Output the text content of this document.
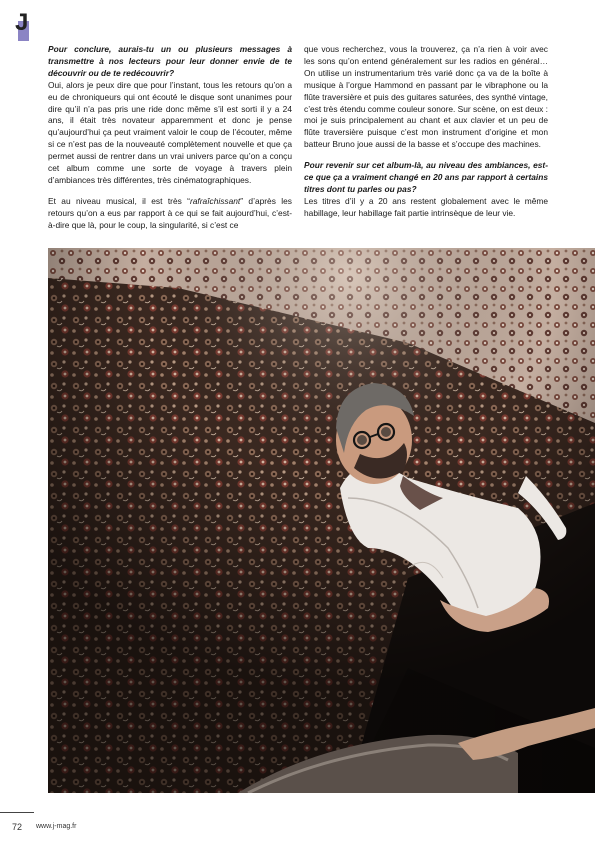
J

Pour conclure, aurais-tu un ou plusieurs messages à transmettre à nos lecteurs pour leur donner envie de te découvrir ou de te redécouvrir?
Oui, alors je peux dire que pour l’instant, tous les retours qu’on a eu de chroniqueurs qui ont écouté le disque sont unanimes pour dire qu’il n’a pas pris une ride donc même s’il est sorti il y a 24 ans, il était très novateur apparemment et donc je pense qu’aujourd’hui ça peut vraiment valoir le coup de l’écouter, même si ce n’est pas de la nouveauté complètement nouvelle et que ça permet aussi de rentrer dans un vrai univers parce qu’on a conçu cet album comme une sorte de voyage à travers plein d’ambiances très différentes, très cinématographiques.

Et au niveau musical, il est très “rafraîchissant” d’après les retours qu’on a eus par rapport à ce qui se fait aujourd’hui, c’est-à-dire que là, pour le coup, la singularité, si c’est ce

que vous recherchez, vous la trouverez, ça n’a rien à voir avec les sons qu’on entend généralement sur les radios en général… On utilise un instrumentarium très varié donc ça va de la boîte à musique à l’orgue Hammond en passant par le vibraphone ou la flûte traversière et puis des guitares saturées, des synthé vintage, c’est très étendu comme couleur sonore. Sur scène, on est deux : moi je suis principalement au chant et aux clavier et un peu de flûte traversière puisque c’est mon instrument d’origine et mon batteur Bruno joue aussi de la basse et s’occupe des machines.

Pour revenir sur cet album-là, au niveau des ambiances, est-ce que ça a vraiment changé en 20 ans par rapport à certains titres dont tu parles ou pas?
Les titres d’il y a 20 ans restent globalement avec le même habillage, leur habillage fait partie intrinsèque de leur vie.

72 www.j-mag.fr
